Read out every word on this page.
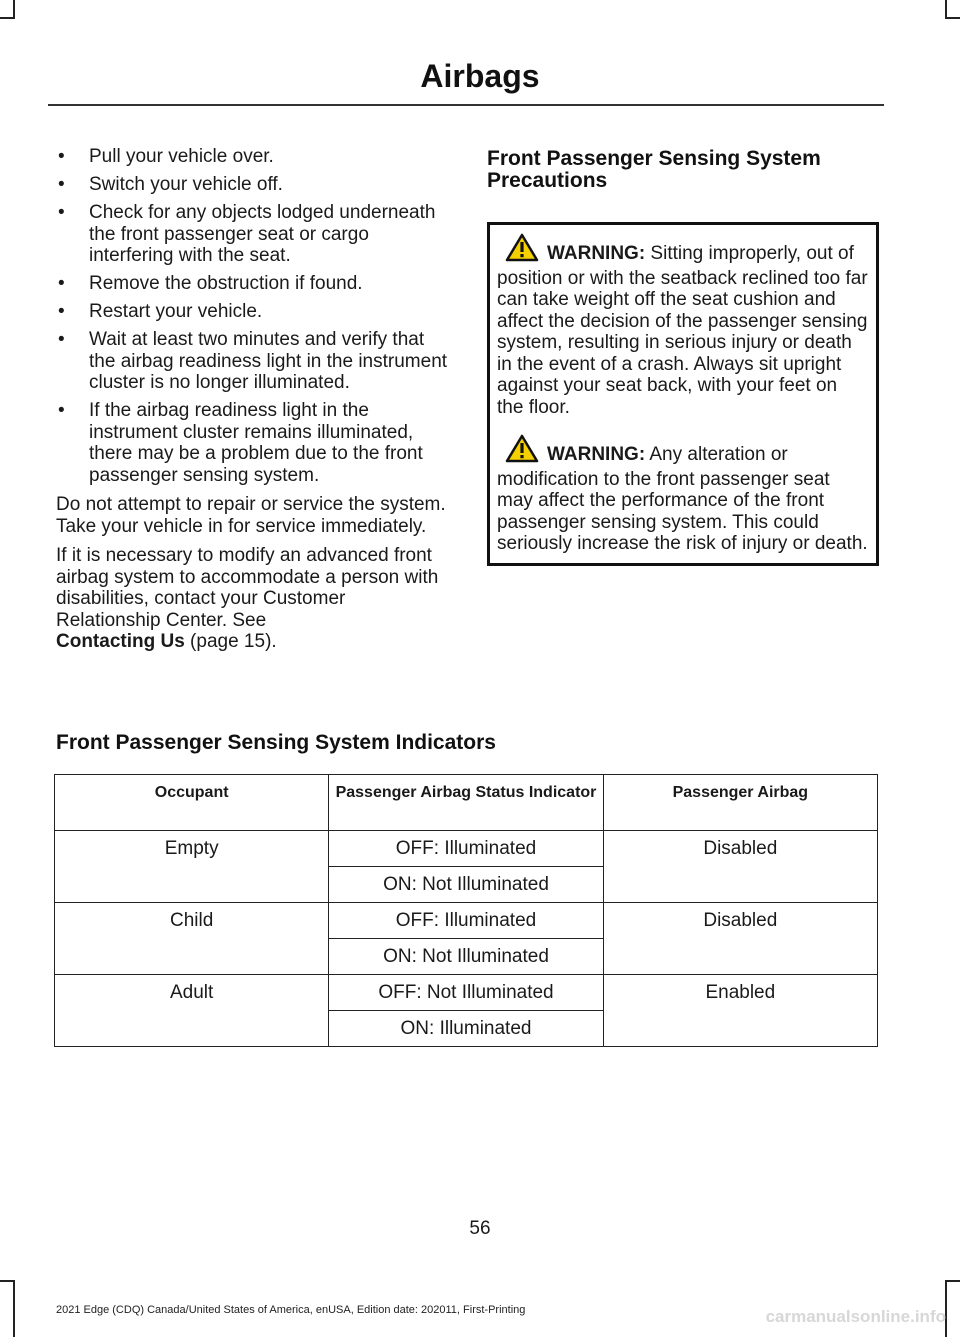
Airbags
• Pull your vehicle over.
• Switch your vehicle off.
• Check for any objects lodged underneath the front passenger seat or cargo interfering with the seat.
• Remove the obstruction if found.
• Restart your vehicle.
• Wait at least two minutes and verify that the airbag readiness light in the instrument cluster is no longer illuminated.
• If the airbag readiness light in the instrument cluster remains illuminated, there may be a problem due to the front passenger sensing system.

Do not attempt to repair or service the system. Take your vehicle in for service immediately.

If it is necessary to modify an advanced front airbag system to accommodate a person with disabilities, contact your Customer Relationship Center. See
Contacting Us (page 15).

Front Passenger Sensing System Precautions

WARNING: Sitting improperly, out of position or with the seatback reclined too far can take weight off the seat cushion and affect the decision of the passenger sensing system, resulting in serious injury or death in the event of a crash. Always sit upright against your seat back, with your feet on the floor.

WARNING: Any alteration or modification to the front passenger seat may affect the performance of the front passenger sensing system. This could seriously increase the risk of injury or death.

Front Passenger Sensing System Indicators
Occupant	Passenger Airbag Status Indicator	Passenger Airbag
Empty	OFF: Illuminated	Disabled
	ON: Not Illuminated	
Child	OFF: Illuminated	Disabled
	ON: Not Illuminated	
Adult	OFF: Not Illuminated	Enabled
	ON: Illuminated	
56
2021 Edge (CDQ) Canada/United States of America, enUSA, Edition date: 202011, First-Printing	carmanualsonline.info
